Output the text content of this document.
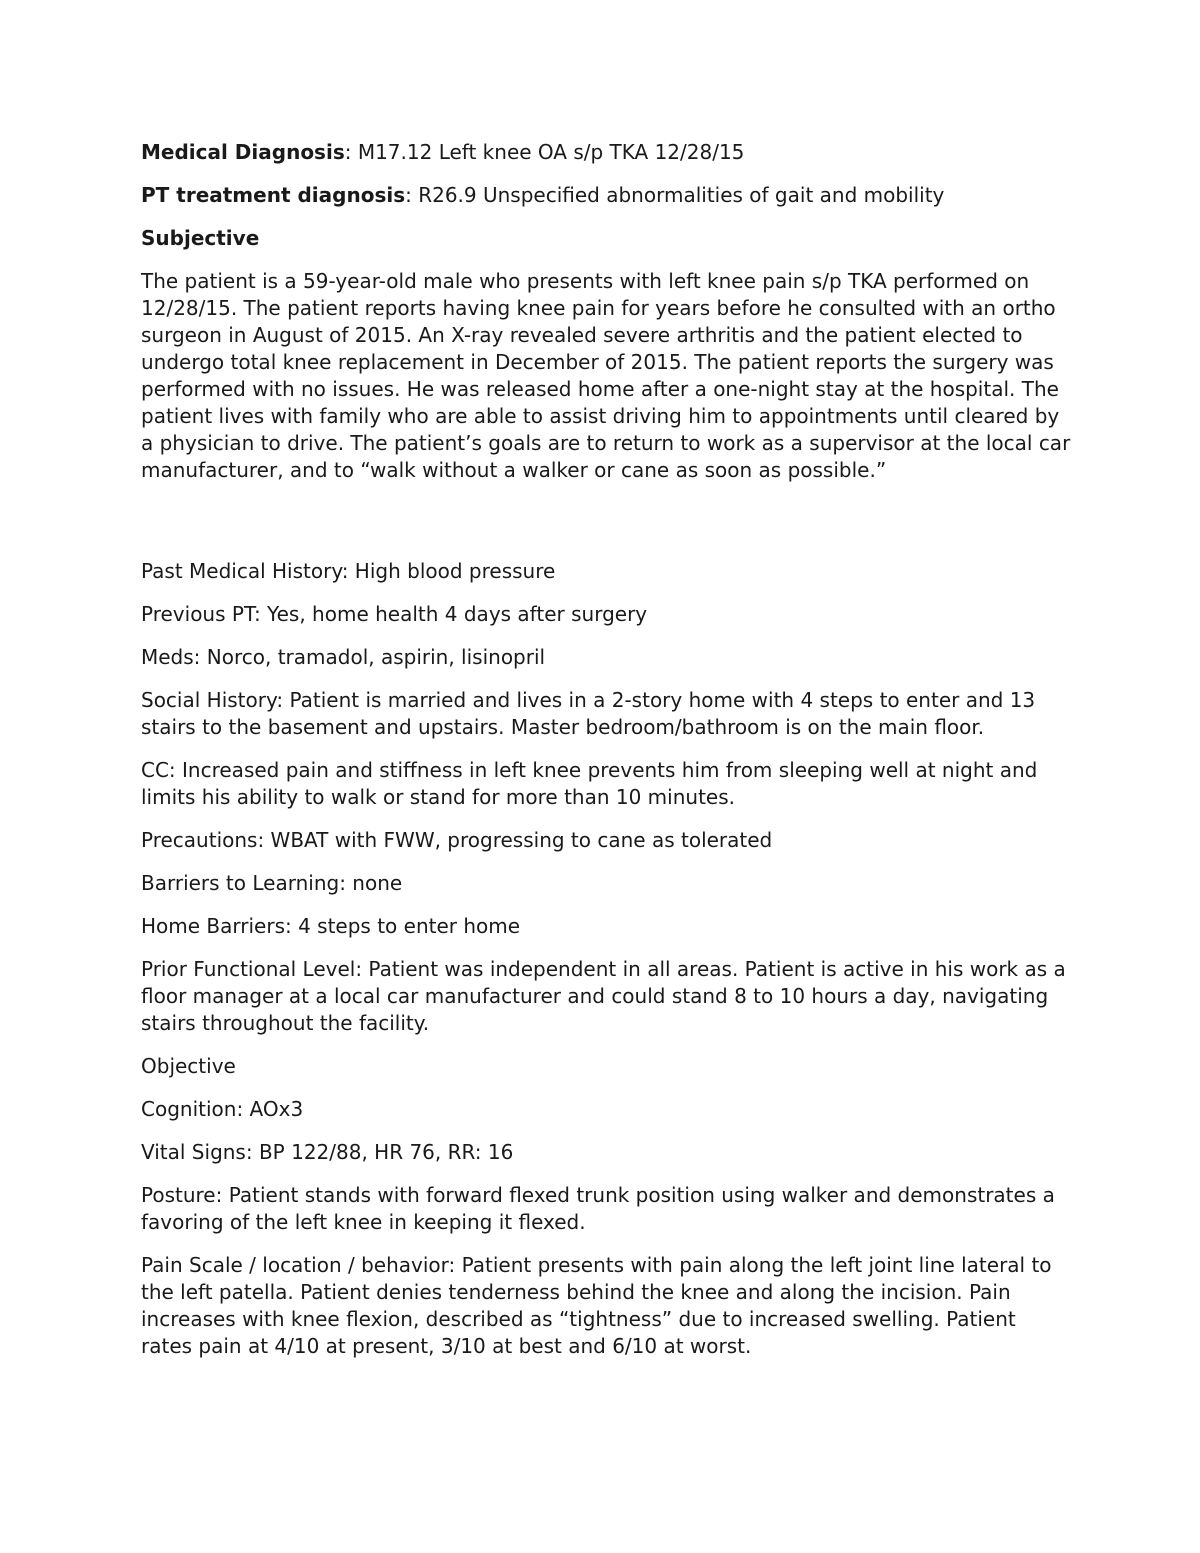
Medical Diagnosis: M17.12 Left knee OA s/p TKA 12/28/15

PT treatment diagnosis: R26.9 Unspecified abnormalities of gait and mobility

Subjective

The patient is a 59-year-old male who presents with left knee pain s/p TKA performed on 12/28/15. The patient reports having knee pain for years before he consulted with an ortho surgeon in August of 2015. An X-ray revealed severe arthritis and the patient elected to undergo total knee replacement in December of 2015. The patient reports the surgery was performed with no issues. He was released home after a one-night stay at the hospital. The patient lives with family who are able to assist driving him to appointments until cleared by a physician to drive. The patient’s goals are to return to work as a supervisor at the local car manufacturer, and to “walk without a walker or cane as soon as possible.”

Past Medical History: High blood pressure

Previous PT: Yes, home health 4 days after surgery

Meds: Norco, tramadol, aspirin, lisinopril

Social History: Patient is married and lives in a 2-story home with 4 steps to enter and 13 stairs to the basement and upstairs. Master bedroom/bathroom is on the main floor.

CC: Increased pain and stiffness in left knee prevents him from sleeping well at night and limits his ability to walk or stand for more than 10 minutes.

Precautions: WBAT with FWW, progressing to cane as tolerated

Barriers to Learning: none

Home Barriers: 4 steps to enter home

Prior Functional Level: Patient was independent in all areas. Patient is active in his work as a floor manager at a local car manufacturer and could stand 8 to 10 hours a day, navigating stairs throughout the facility.

Objective

Cognition: AOx3

Vital Signs: BP 122/88, HR 76, RR: 16

Posture: Patient stands with forward flexed trunk position using walker and demonstrates a favoring of the left knee in keeping it flexed.

Pain Scale / location / behavior: Patient presents with pain along the left joint line lateral to the left patella. Patient denies tenderness behind the knee and along the incision. Pain increases with knee flexion, described as “tightness” due to increased swelling. Patient rates pain at 4/10 at present, 3/10 at best and 6/10 at worst.
